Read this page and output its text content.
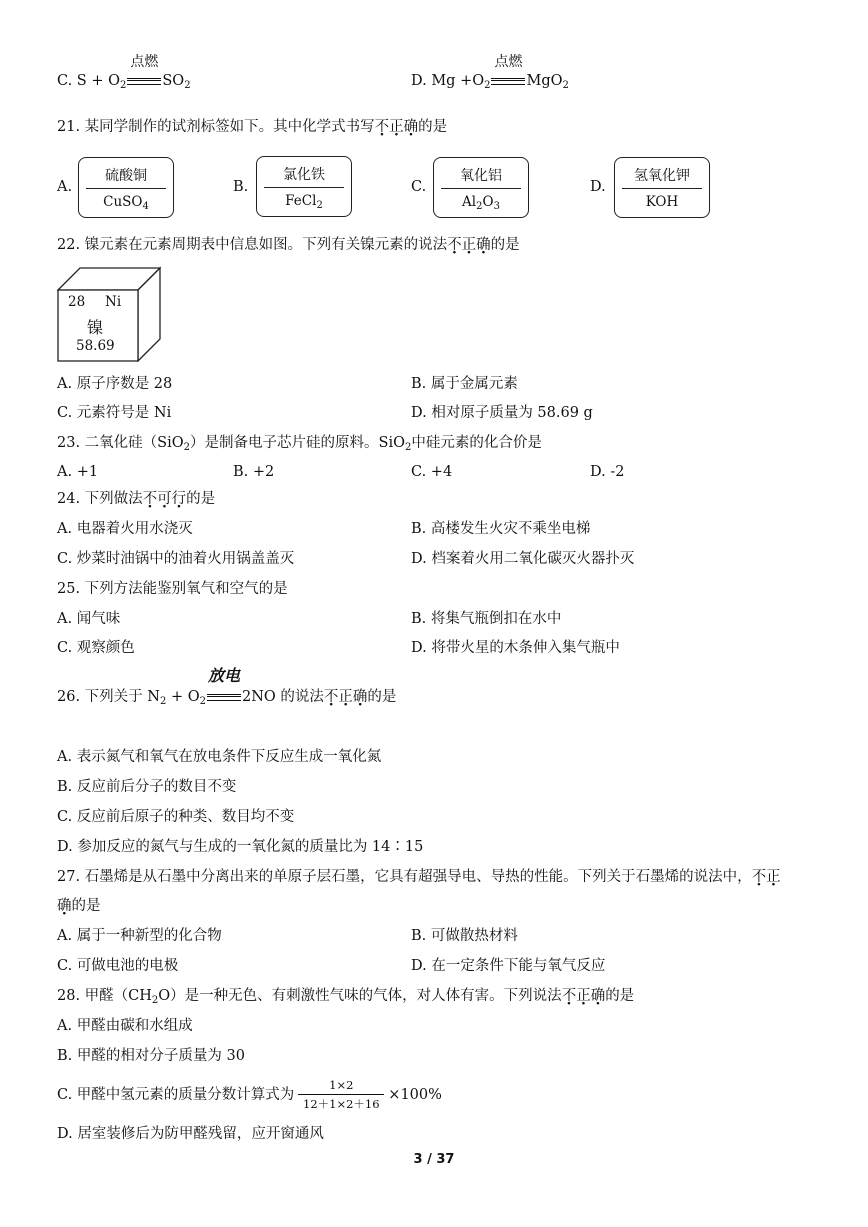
C. $S + O_2$
点燃
$SO_2$	D. $Mg +O_2$
点燃
MgO$_2$
21. 某同学制作的试剂标签如下。其中化学式书写不正确的是
A.
硫酸铜
CuSO$_4$
B.
氯化铁
FeCl$_2$
C.
氧化铝
$Al_2O_3$
D.
氢氧化钾
KOH
22. 镍元素在元素周期表中信息如图。下列有关镍元素的说法不正确的是
28 Ni
镍
58.69
A. 原子序数是 28	B. 属于金属元素
C. 元素符号是 Ni	D. 相对原子质量为 58.69 g
23. 二氧化硅（SiO$_2$）是制备电子芯片硅的原料。SiO$_2$中硅元素的化合价是
A. +1	B. +2	C. +4	D. -2
24. 下列做法不可行的是
A. 电器着火用水浇灭	B. 高楼发生火灾不乘坐电梯
C. 炒菜时油锅中的油着火用锅盖盖灭	D. 档案着火用二氧化碳灭火器扑灭
25. 下列方法能鉴别氧气和空气的是
A. 闻气味	B. 将集气瓶倒扣在水中
C. 观察颜色	D. 将带火星的木条伸入集气瓶中
26. 下列关于 $N_2 + O_2$
放电
2NO 的说法不正确的是
A. 表示氮气和氧气在放电条件下反应生成一氧化氮
B. 反应前后分子的数目不变
C. 反应前后原子的种类、数目均不变
D. 参加反应的氮气与生成的一氧化氮的质量比为 14∶15
27. 石墨烯是从石墨中分离出来的单原子层石墨，它具有超强导电、导热的性能。下列关于石墨烯的说法中，不正
确的是
A. 属于一种新型的化合物	B. 可做散热材料
C. 可做电池的电极	D. 在一定条件下能与氧气反应
28. 甲醛$(CH_2O)$是一种无色、有刺激性气味的气体，对人体有害。下列说法不正确的是
A. 甲醛由碳和水组成
B. 甲醛的相对分子质量为 30
C. 甲醛中氢元素的质量分数计算式为 $\frac{1\times 2}{12+1\times 2+16} \times 100\%$
D. 居室装修后为防甲醛残留，应开窗通风
3 / 37
